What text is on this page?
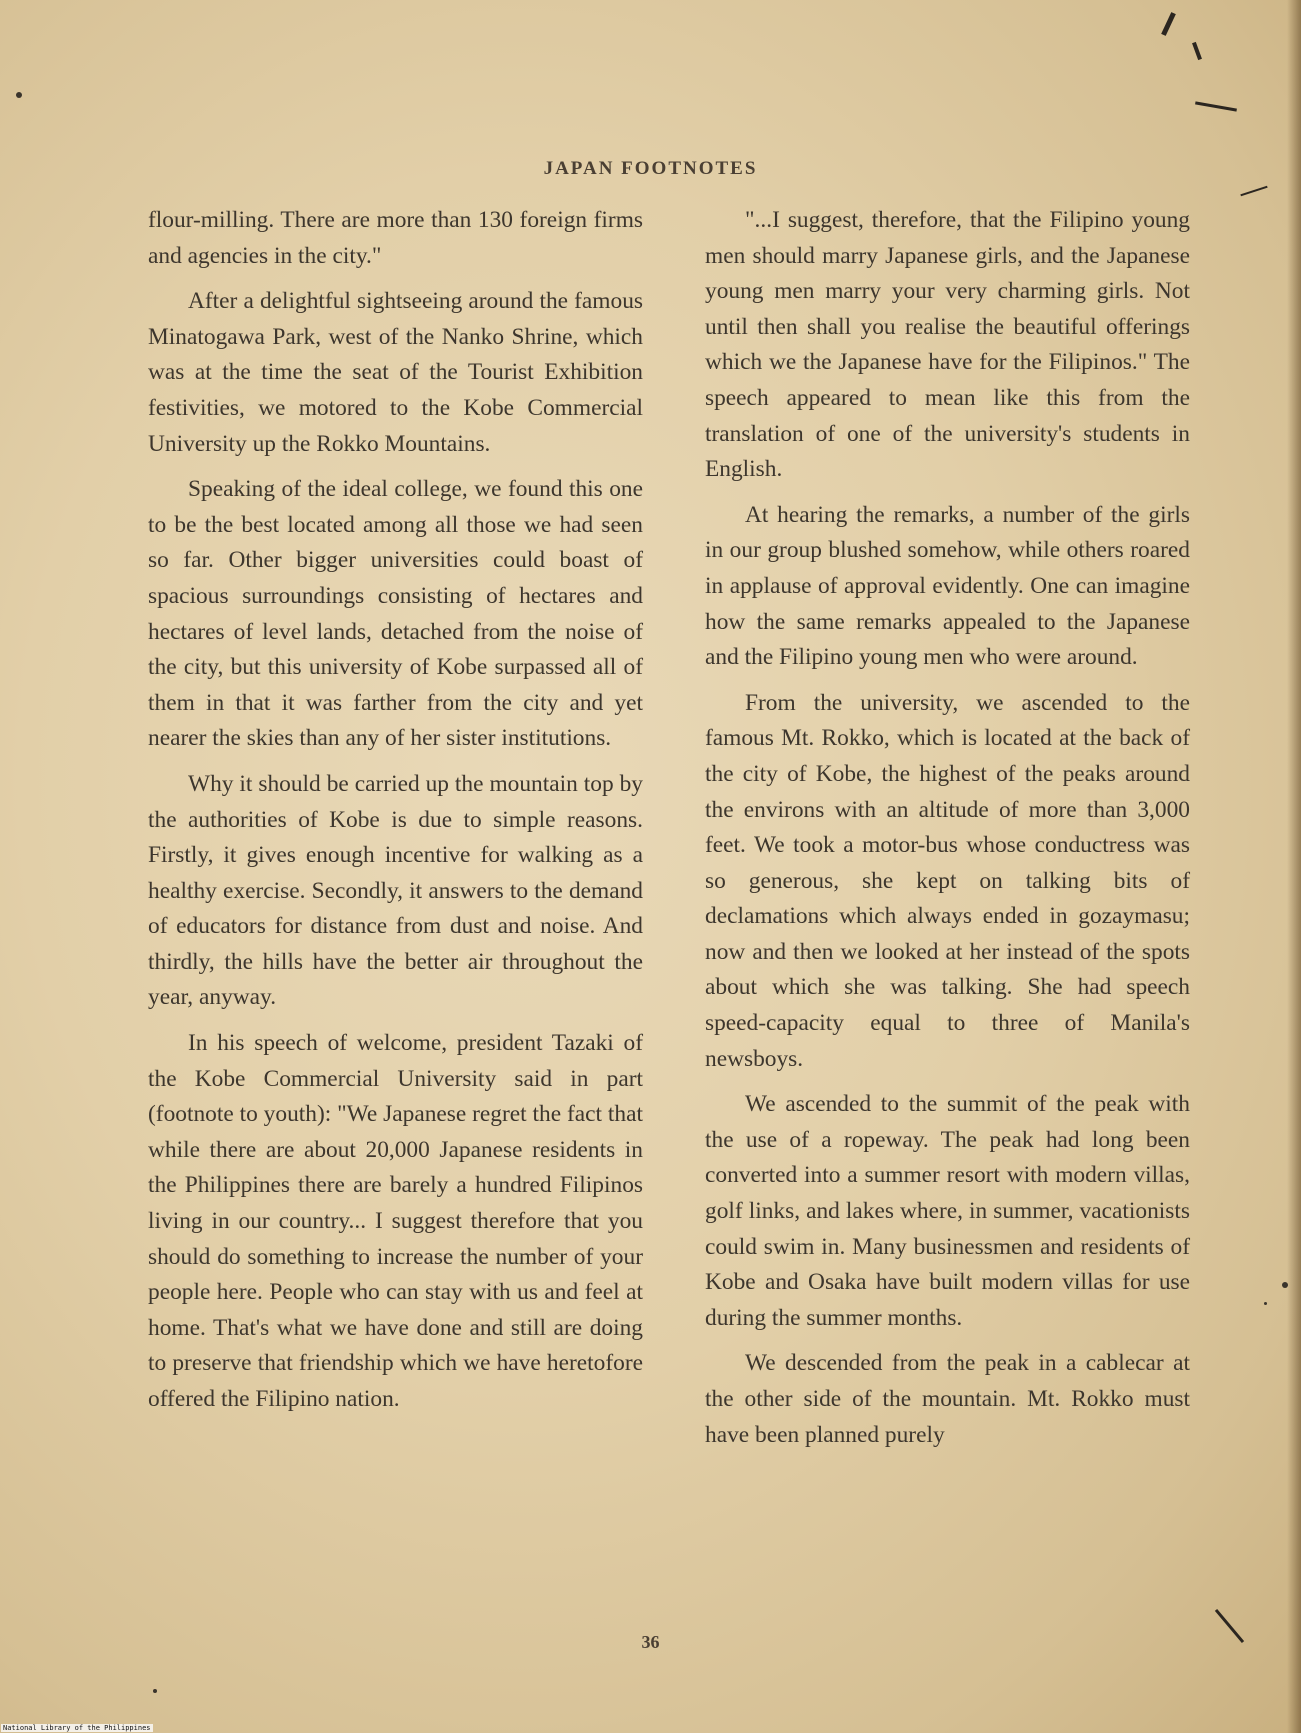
JAPAN FOOTNOTES

flour-milling. There are more than 130 foreign firms and agencies in the city."

After a delightful sightseeing around the famous Minatogawa Park, west of the Nanko Shrine, which was at the time the seat of the Tourist Exhibition festivities, we motored to the Kobe Commercial University up the Rokko Mountains.

Speaking of the ideal college, we found this one to be the best located among all those we had seen so far. Other bigger universities could boast of spacious surroundings consisting of hectares and hectares of level lands, detached from the noise of the city, but this university of Kobe surpassed all of them in that it was farther from the city and yet nearer the skies than any of her sister institutions.

Why it should be carried up the mountain top by the authorities of Kobe is due to simple reasons. Firstly, it gives enough incentive for walking as a healthy exercise. Secondly, it answers to the demand of educators for distance from dust and noise. And thirdly, the hills have the better air throughout the year, anyway.

In his speech of welcome, president Tazaki of the Kobe Commercial University said in part (footnote to youth): "We Japanese regret the fact that while there are about 20,000 Japanese residents in the Philippines there are barely a hundred Filipinos living in our country... I suggest therefore that you should do something to increase the number of your people here. People who can stay with us and feel at home. That's what we have done and still are doing to preserve that friendship which we have heretofore offered the Filipino nation.

"...I suggest, therefore, that the Filipino young men should marry Japanese girls, and the Japanese young men marry your very charming girls. Not until then shall you realise the beautiful offerings which we the Japanese have for the Filipinos." The speech appeared to mean like this from the translation of one of the university's students in English.

At hearing the remarks, a number of the girls in our group blushed somehow, while others roared in applause of approval evidently. One can imagine how the same remarks appealed to the Japanese and the Filipino young men who were around.

From the university, we ascended to the famous Mt. Rokko, which is located at the back of the city of Kobe, the highest of the peaks around the environs with an altitude of more than 3,000 feet. We took a motor-bus whose conductress was so generous, she kept on talking bits of declamations which always ended in gozaymasu; now and then we looked at her instead of the spots about which she was talking. She had speech speed-capacity equal to three of Manila's newsboys.

We ascended to the summit of the peak with the use of a ropeway. The peak had long been converted into a summer resort with modern villas, golf links, and lakes where, in summer, vacationists could swim in. Many businessmen and residents of Kobe and Osaka have built modern villas for use during the summer months.

We descended from the peak in a cablecar at the other side of the mountain. Mt. Rokko must have been planned purely

36
National Library of the Philippines
